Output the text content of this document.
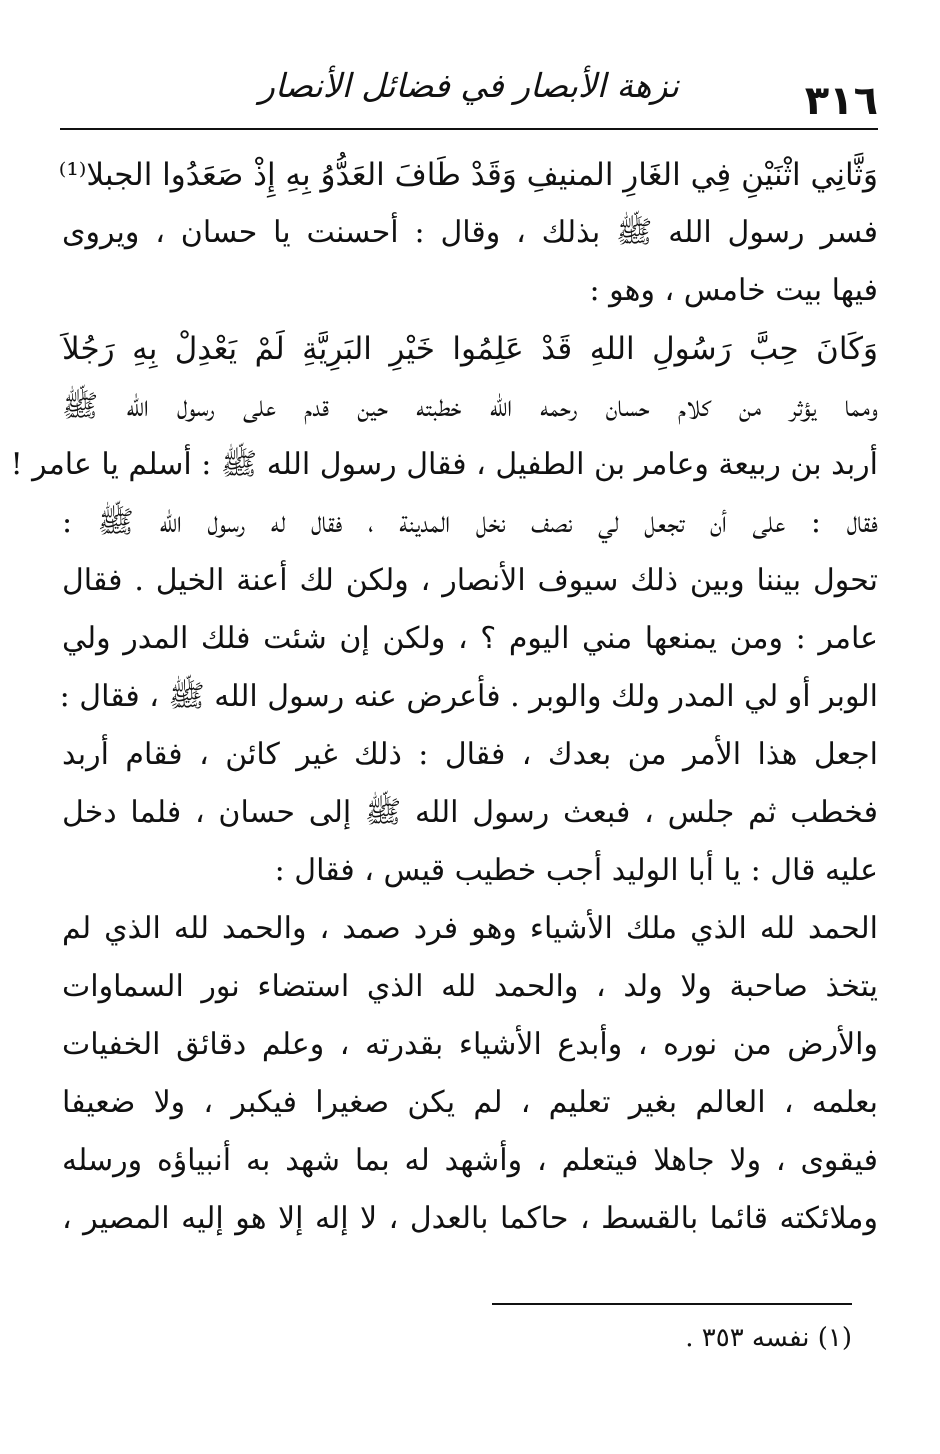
٣١٦
نزهة الأبصار في فضائل الأنصار
وَثَّانِي اثْنَيْنِ فِي الغَارِ المنيفِ وَقَدْ طَافَ العَدُّوُ بِهِ إِذْ صَعَدُوا الجبلا⁽¹⁾
فسر رسول الله ﷺ بذلك ، وقال : أحسنت يا حسان ، ويروى
فيها بيت خامس ، وهو :
وَكَانَ حِبَّ رَسُولِ اللهِ قَدْ عَلِمُوا خَيْرِ البَرِيَّةِ لَمْ يَعْدِلْ بِهِ رَجُلاَ
ومما يؤثر من كلام حسان رحمه الله خطبته حين قدم على رسول الله ﷺ
أربد بن ربيعة وعامر بن الطفيل ، فقال رسول الله ﷺ : أسلم يا عامر !
فقال : على أن تجعل لي نصف نخل المدينة ، فقال له رسول الله ﷺ :
تحول بيننا وبين ذلك سيوف الأنصار ، ولكن لك أعنة الخيل . فقال
عامر : ومن يمنعها مني اليوم ؟ ، ولكن إن شئت فلك المدر ولي
الوبر أو لي المدر ولك والوبر . فأعرض عنه رسول الله ﷺ ، فقال :
اجعل هذا الأمر من بعدك ، فقال : ذلك غير كائن ، فقام أربد
فخطب ثم جلس ، فبعث رسول الله ﷺ إلى حسان ، فلما دخل
عليه قال : يا أبا الوليد أجب خطيب قيس ، فقال :
الحمد لله الذي ملك الأشياء وهو فرد صمد ، والحمد لله الذي لم
يتخذ صاحبة ولا ولد ، والحمد لله الذي استضاء نور السماوات
والأرض من نوره ، وأبدع الأشياء بقدرته ، وعلم دقائق الخفيات
بعلمه ، العالم بغير تعليم ، لم يكن صغيرا فيكبر ، ولا ضعيفا
فيقوى ، ولا جاهلا فيتعلم ، وأشهد له بما شهد به أنبياؤه ورسله
وملائكته قائما بالقسط ، حاكما بالعدل ، لا إله إلا هو إليه المصير ،
(١) نفسه ٣٥٣ .
